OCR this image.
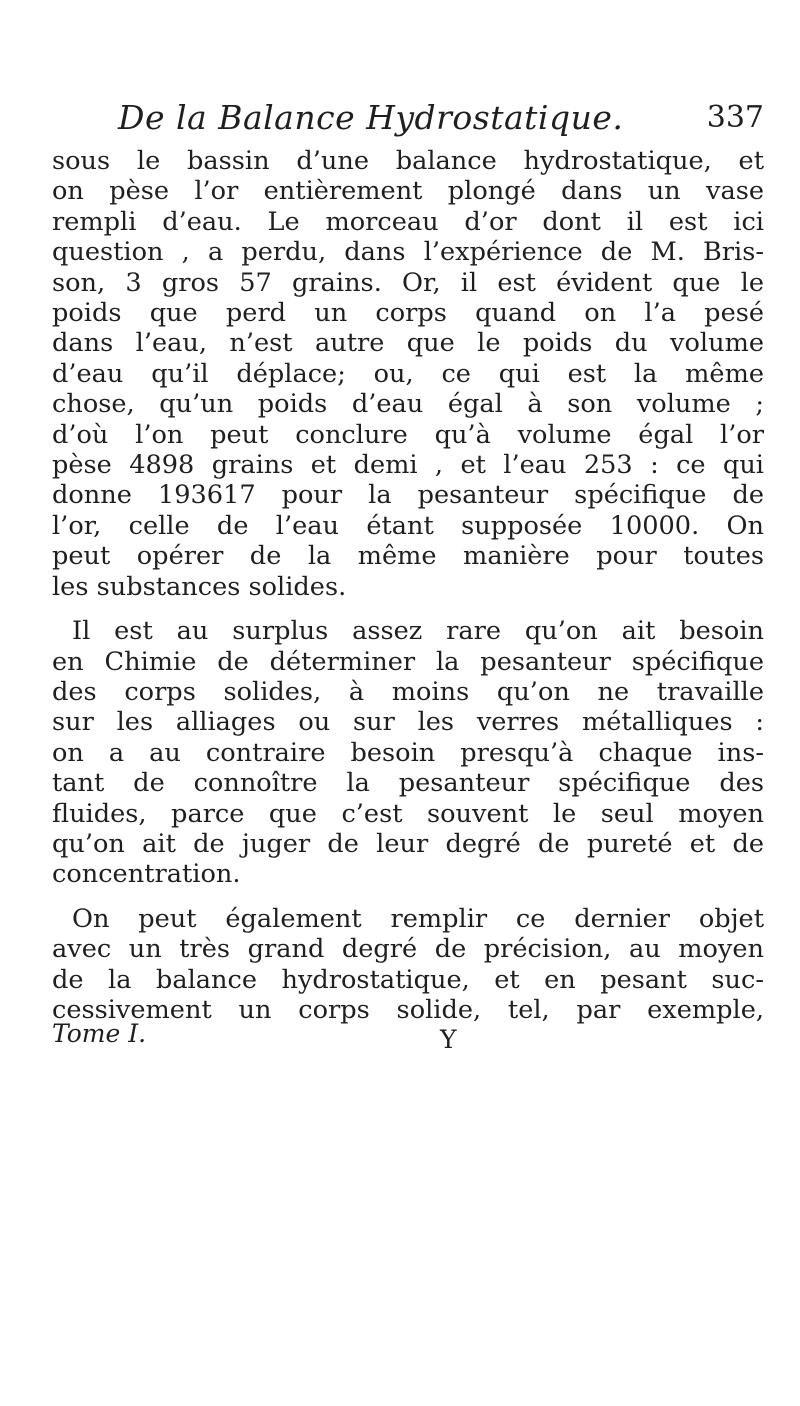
De la Balance Hydrostatique.	337
sous le bassin d’une balance hydrostatique, et
on pèse l’or entièrement plongé dans un vase
rempli d’eau. Le morceau d’or dont il est ici
question , a perdu, dans l’expérience de M. Bris-
son, 3 gros 57 grains. Or, il est évident que le
poids que perd un corps quand on l’a pesé
dans l’eau, n’est autre que le poids du volume
d’eau qu’il déplace; ou, ce qui est la même
chose, qu’un poids d’eau égal à son volume ;
d’où l’on peut conclure qu’à volume égal l’or
pèse 4898 grains et demi , et l’eau 253 : ce qui
donne 193617 pour la pesanteur spécifique de
l’or, celle de l’eau étant supposée 10000. On
peut opérer de la même manière pour toutes
les substances solides.
Il est au surplus assez rare qu’on ait besoin
en Chimie de déterminer la pesanteur spécifique
des corps solides, à moins qu’on ne travaille
sur les alliages ou sur les verres métalliques :
on a au contraire besoin presqu’à chaque ins-
tant de connoître la pesanteur spécifique des
fluides, parce que c’est souvent le seul moyen
qu’on ait de juger de leur degré de pureté et de
concentration.
On peut également remplir ce dernier objet
avec un très grand degré de précision, au moyen
de la balance hydrostatique, et en pesant suc-
cessivement un corps solide, tel, par exemple,
Tome I.	Y
